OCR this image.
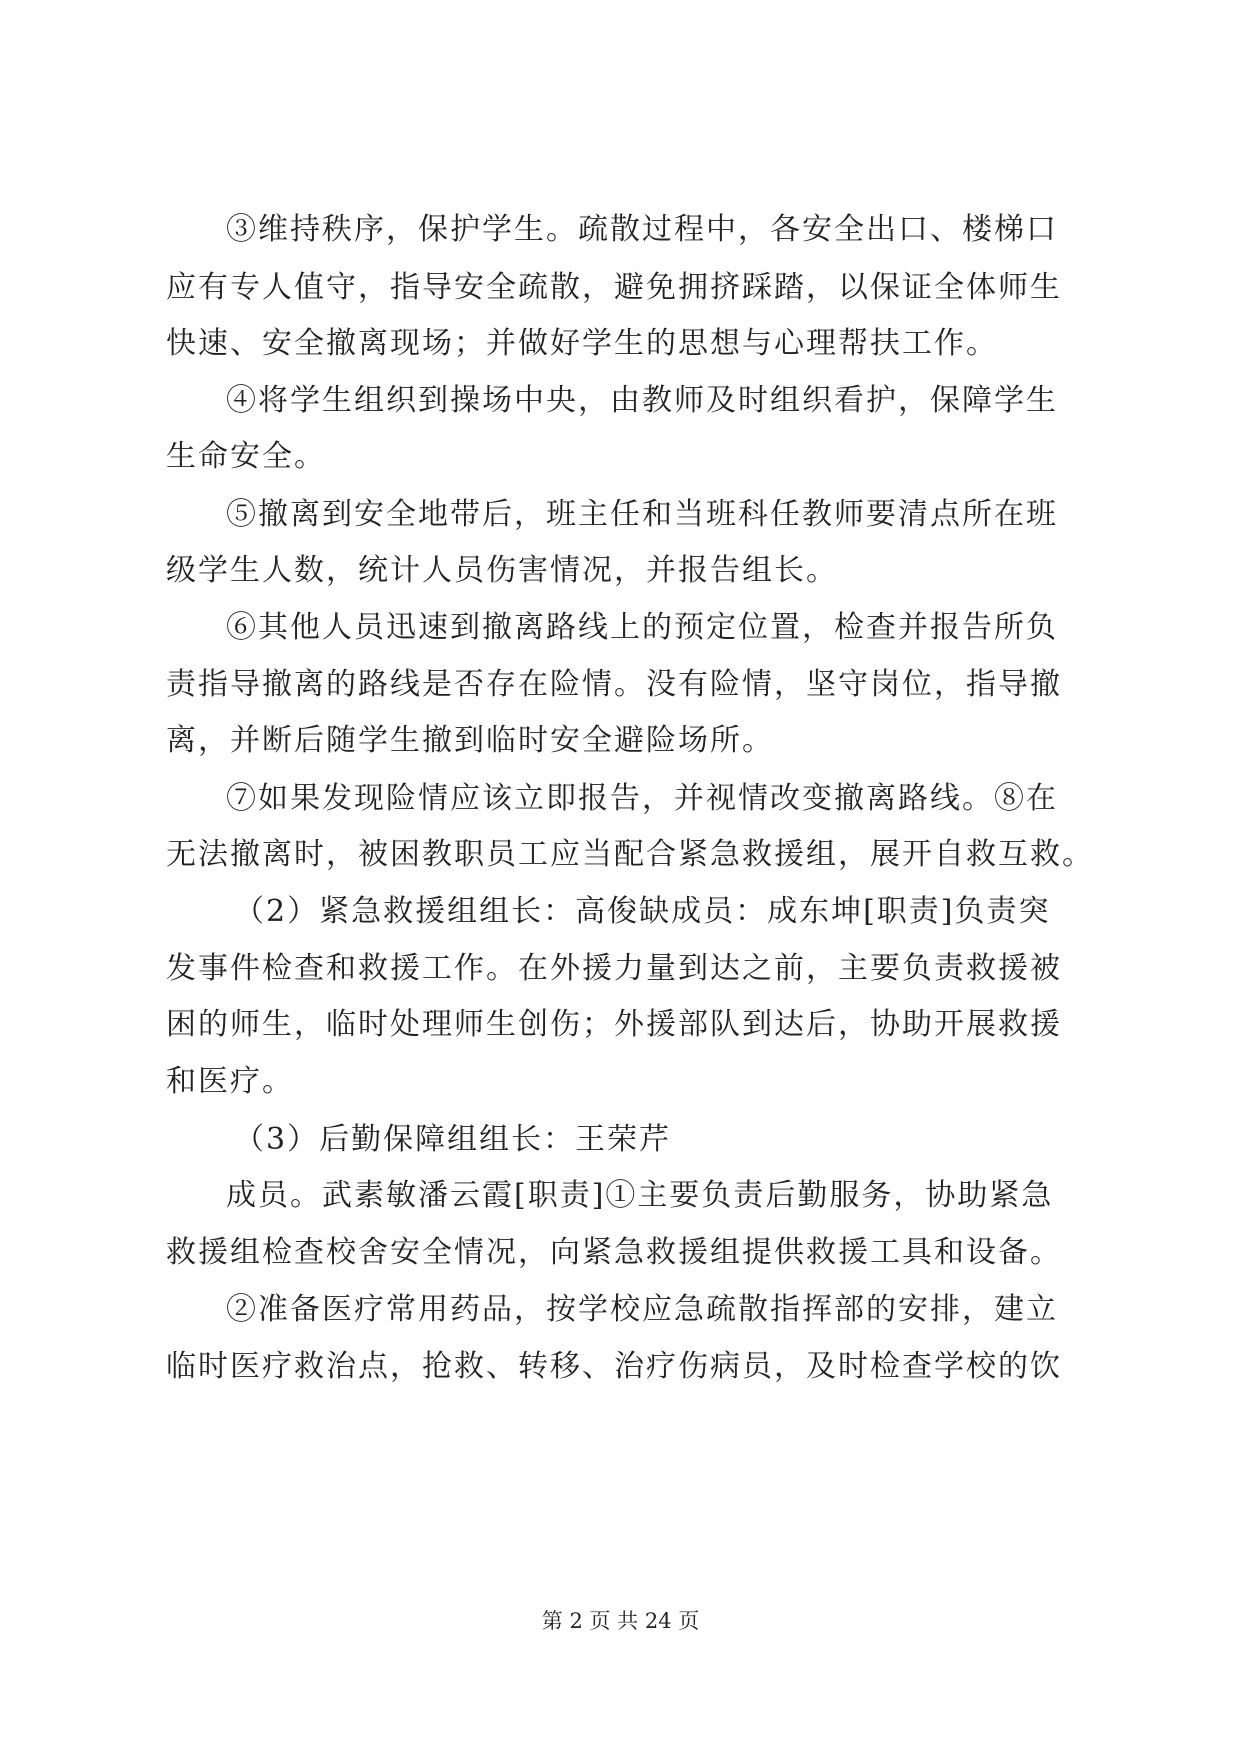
③维持秩序，保护学生。疏散过程中，各安全出口、楼梯口
应有专人值守，指导安全疏散，避免拥挤踩踏，以保证全体师生
快速、安全撤离现场；并做好学生的思想与心理帮扶工作。
④将学生组织到操场中央，由教师及时组织看护，保障学生
生命安全。
⑤撤离到安全地带后，班主任和当班科任教师要清点所在班
级学生人数，统计人员伤害情况，并报告组长。
⑥其他人员迅速到撤离路线上的预定位置，检查并报告所负
责指导撤离的路线是否存在险情。没有险情，坚守岗位，指导撤
离，并断后随学生撤到临时安全避险场所。
⑦如果发现险情应该立即报告，并视情改变撤离路线。⑧在
无法撤离时，被困教职员工应当配合紧急救援组，展开自救互救。
（2）紧急救援组组长：高俊缺成员：成东坤[职责]负责突
发事件检查和救援工作。在外援力量到达之前，主要负责救援被
困的师生，临时处理师生创伤；外援部队到达后，协助开展救援
和医疗。
（3）后勤保障组组长：王荣芹
成员。武素敏潘云霞[职责]①主要负责后勤服务，协助紧急
救援组检查校舍安全情况，向紧急救援组提供救援工具和设备。
②准备医疗常用药品，按学校应急疏散指挥部的安排，建立
临时医疗救治点，抢救、转移、治疗伤病员，及时检查学校的饮
第 2 页 共 24 页
